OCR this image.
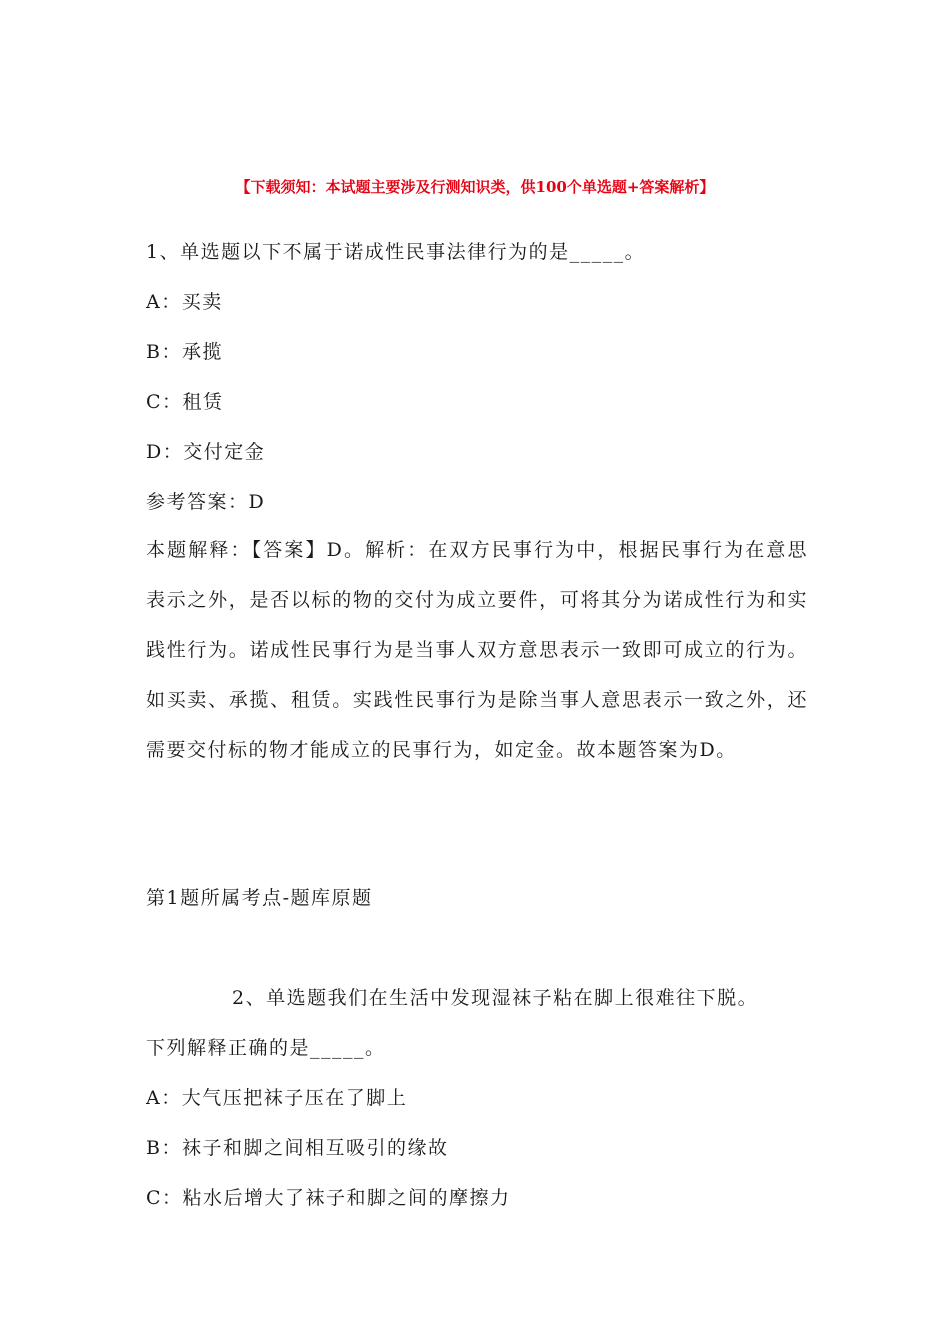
【下载须知：本试题主要涉及行测知识类，供100个单选题+答案解析】
1、单选题以下不属于诺成性民事法律行为的是_____。
A：买卖
B：承揽
C：租赁
D：交付定金
参考答案：D
本题解释：【答案】D。解析：在双方民事行为中，根据民事行为在意思表示之外，是否以标的物的交付为成立要件，可将其分为诺成性行为和实践性行为。诺成性民事行为是当事人双方意思表示一致即可成立的行为。如买卖、承揽、租赁。实践性民事行为是除当事人意思表示一致之外，还需要交付标的物才能成立的民事行为，如定金。故本题答案为D。
第1题所属考点-题库原题
2、单选题我们在生活中发现湿袜子粘在脚上很难往下脱。
下列解释正确的是_____。
A：大气压把袜子压在了脚上
B：袜子和脚之间相互吸引的缘故
C：粘水后增大了袜子和脚之间的摩擦力
